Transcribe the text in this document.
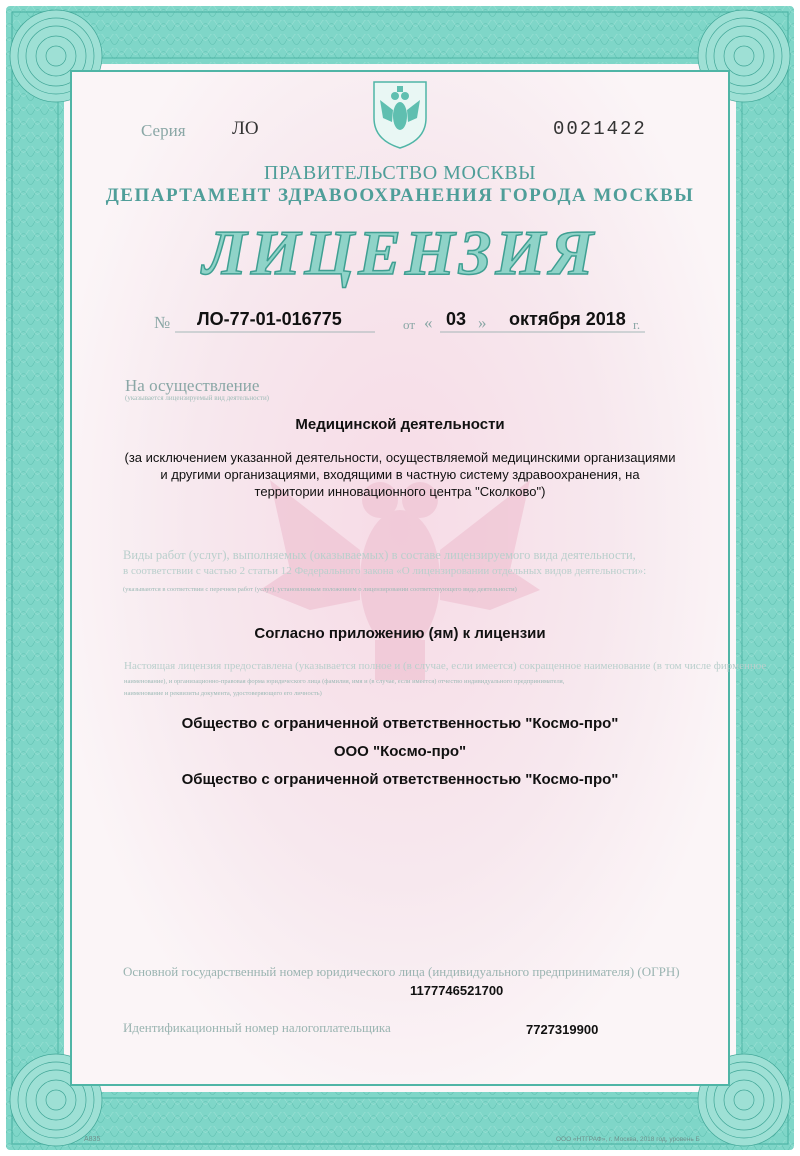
Серия ЛО	0021422
ПРАВИТЕЛЬСТВО МОСКВЫ
ДЕПАРТАМЕНТ ЗДРАВООХРАНЕНИЯ ГОРОДА МОСКВЫ
ЛИЦЕНЗИЯ
№ ЛО-77-01-016775	от « 03 » октября 2018 г.
На осуществление
(указывается лицензируемый вид деятельности)
Медицинской деятельности
(за исключением указанной деятельности, осуществляемой медицинскими организациями
и другими организациями, входящими в частную систему здравоохранения, на
территории инновационного центра "Сколково")
Виды работ (услуг), выполняемых (оказываемых) в составе лицензируемого вида деятельности,
в соответствии с частью 2 статьи 12 Федерального закона «О лицензировании отдельных видов деятельности»:
(указываются в соответствии с перечнем работ (услуг), установленным положением о лицензировании соответствующего вида деятельности)
Согласно приложению (ям) к лицензии
Настоящая лицензия предоставлена (указывается полное и (в случае, если имеется) сокращенное наименование (в том числе фирменное
наименование), и организационно-правовая форма юридического лица (фамилия, имя и (в случае, если имеется) отчество индивидуального предпринимателя,
наименование и реквизиты документа, удостоверяющего его личность)
Общество с ограниченной ответственностью "Космо-про"
ООО "Космо-про"
Общество с ограниченной ответственностью "Космо-про"
Основной государственный номер юридического лица (индивидуального предпринимателя) (ОГРН)
1177746521700
Идентификационный номер налогоплательщика	7727319900
А835	ООО «НТГРАФ», г. Москва, 2018 год, уровень Б
